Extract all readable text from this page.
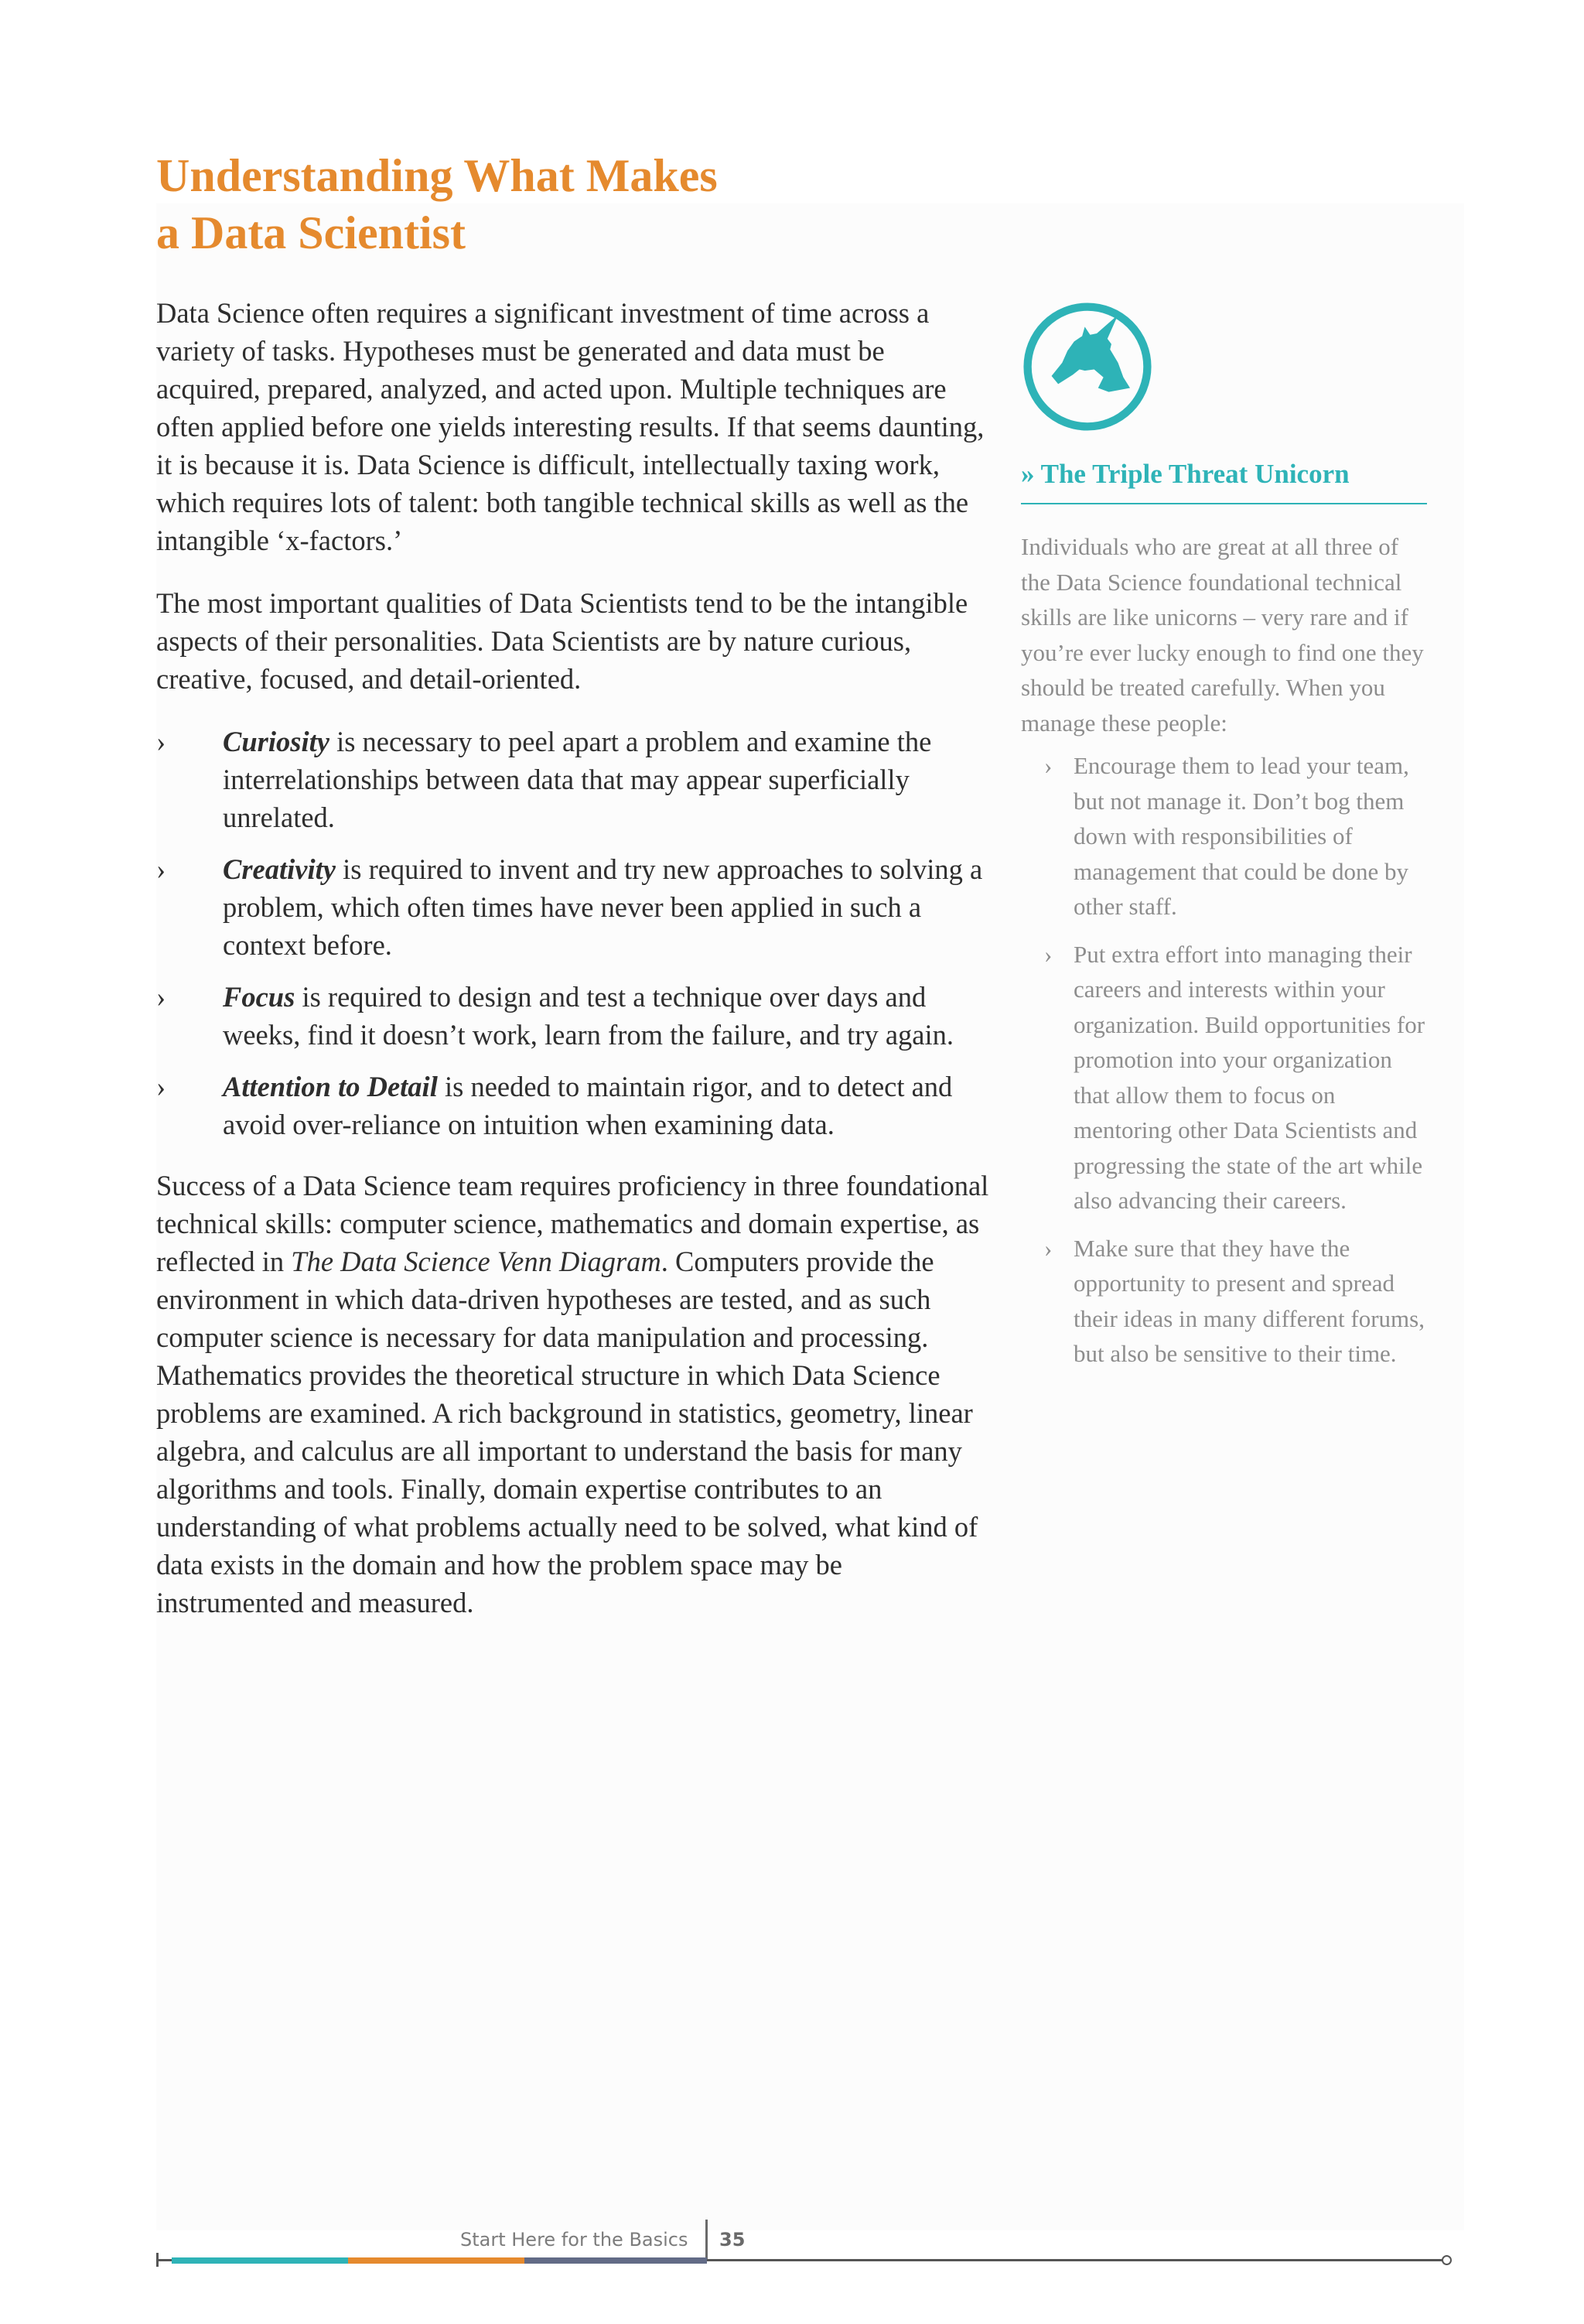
Understanding What Makes
a Data Scientist

Data Science often requires a significant investment of time across a variety of tasks. Hypotheses must be generated and data must be acquired, prepared, analyzed, and acted upon. Multiple techniques are often applied before one yields interesting results. If that seems daunting, it is because it is. Data Science is difficult, intellectually taxing work, which requires lots of talent: both tangible technical skills as well as the intangible ‘x-factors.’

The most important qualities of Data Scientists tend to be the intangible aspects of their personalities. Data Scientists are by nature curious, creative, focused, and detail-oriented.

› Curiosity is necessary to peel apart a problem and examine the interrelationships between data that may appear superficially unrelated.
› Creativity is required to invent and try new approaches to solving a problem, which often times have never been applied in such a context before.
› Focus is required to design and test a technique over days and weeks, find it doesn’t work, learn from the failure, and try again.
› Attention to Detail is needed to maintain rigor, and to detect and avoid over-reliance on intuition when examining data.

Success of a Data Science team requires proficiency in three foundational technical skills: computer science, mathematics and domain expertise, as reflected in The Data Science Venn Diagram. Computers provide the environment in which data-driven hypotheses are tested, and as such computer science is necessary for data manipulation and processing. Mathematics provides the theoretical structure in which Data Science problems are examined. A rich background in statistics, geometry, linear algebra, and calculus are all important to understand the basis for many algorithms and tools. Finally, domain expertise contributes to an understanding of what problems actually need to be solved, what kind of data exists in the domain and how the problem space may be instrumented and measured.

» The Triple Threat Unicorn

Individuals who are great at all three of the Data Science foundational technical skills are like unicorns – very rare and if you’re ever lucky enough to find one they should be treated carefully. When you manage these people:

› Encourage them to lead your team, but not manage it. Don’t bog them down with responsibilities of management that could be done by other staff.
› Put extra effort into managing their careers and interests within your organization. Build opportunities for promotion into your organization that allow them to focus on mentoring other Data Scientists and progressing the state of the art while also advancing their careers.
› Make sure that they have the opportunity to present and spread their ideas in many different forums, but also be sensitive to their time.
Start Here for the Basics 35
